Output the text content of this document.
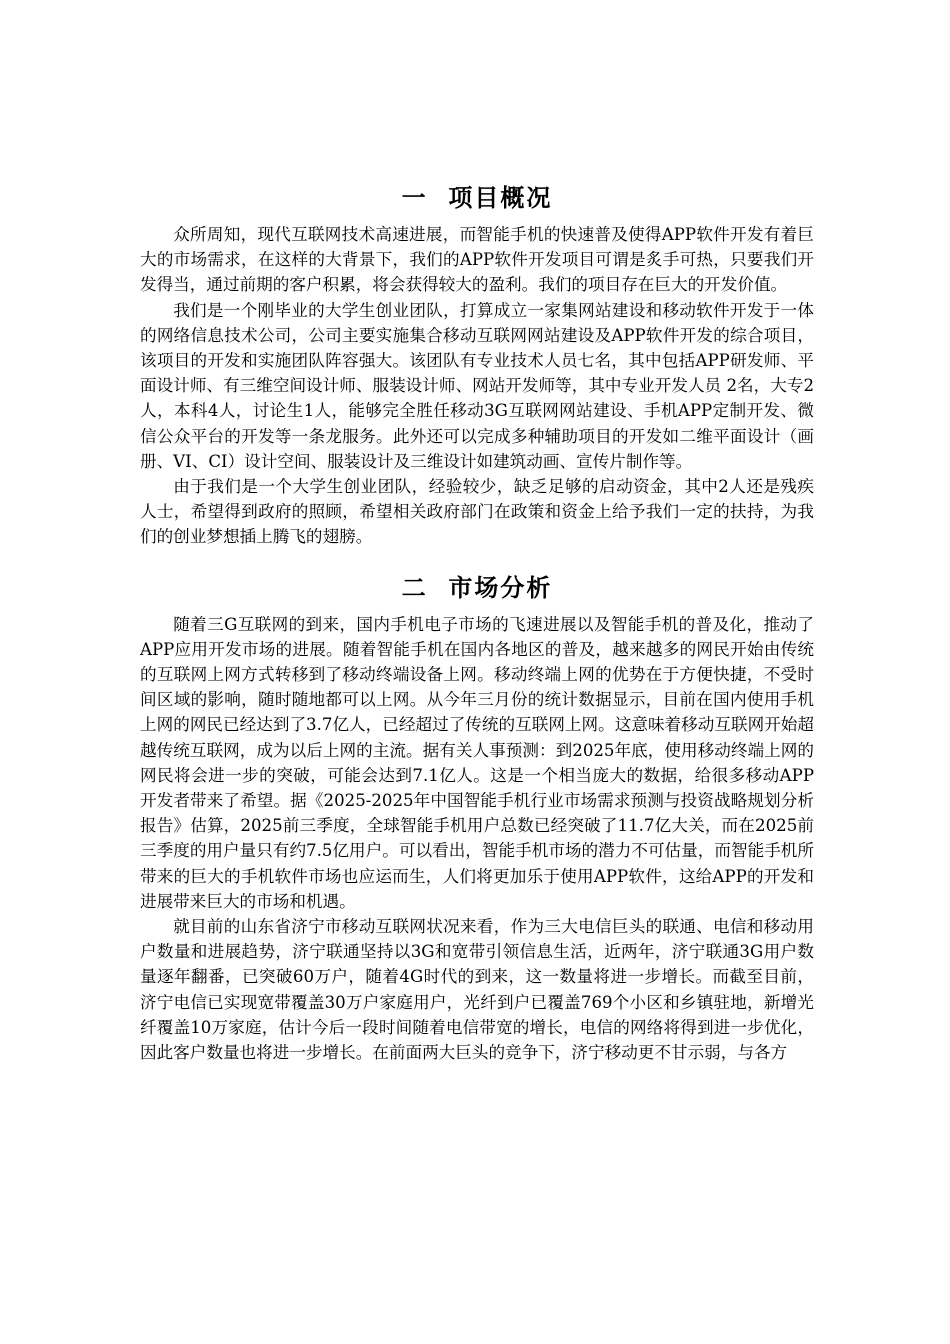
一  项目概况

众所周知，现代互联网技术高速进展，而智能手机的快速普及使得APP软件开发有着巨大的市场需求，在这样的大背景下，我们的APP软件开发项目可谓是炙手可热，只要我们开发得当，通过前期的客户积累，将会获得较大的盈利。我们的项目存在巨大的开发价值。

我们是一个刚毕业的大学生创业团队，打算成立一家集网站建设和移动软件开发于一体的网络信息技术公司，公司主要实施集合移动互联网网站建设及APP软件开发的综合项目，该项目的开发和实施团队阵容强大。该团队有专业技术人员七名，其中包括APP研发师、平面设计师、有三维空间设计师、服装设计师、网站开发师等，其中专业开发人员 2名，大专2人，本科4人，讨论生1人，能够完全胜任移动3G互联网网站建设、手机APP定制开发、微信公众平台的开发等一条龙服务。此外还可以完成多种辅助项目的开发如二维平面设计（画册、VI、CI）设计空间、服装设计及三维设计如建筑动画、宣传片制作等。

由于我们是一个大学生创业团队，经验较少，缺乏足够的启动资金，其中2人还是残疾人士，希望得到政府的照顾，希望相关政府部门在政策和资金上给予我们一定的扶持，为我们的创业梦想插上腾飞的翅膀。

二  市场分析

随着三G互联网的到来，国内手机电子市场的飞速进展以及智能手机的普及化，推动了APP应用开发市场的进展。随着智能手机在国内各地区的普及，越来越多的网民开始由传统的互联网上网方式转移到了移动终端设备上网。移动终端上网的优势在于方便快捷，不受时间区域的影响，随时随地都可以上网。从今年三月份的统计数据显示，目前在国内使用手机上网的网民已经达到了3.7亿人，已经超过了传统的互联网上网。这意味着移动互联网开始超越传统互联网，成为以后上网的主流。据有关人事预测：到2025年底，使用移动终端上网的网民将会进一步的突破，可能会达到7.1亿人。这是一个相当庞大的数据，给很多移动APP开发者带来了希望。据《2025-2025年中国智能手机行业市场需求预测与投资战略规划分析报告》估算，2025前三季度，全球智能手机用户总数已经突破了11.7亿大关，而在2025前三季度的用户量只有约7.5亿用户。可以看出，智能手机市场的潜力不可估量，而智能手机所带来的巨大的手机软件市场也应运而生，人们将更加乐于使用APP软件，这给APP的开发和进展带来巨大的市场和机遇。

就目前的山东省济宁市移动互联网状况来看，作为三大电信巨头的联通、电信和移动用户数量和进展趋势，济宁联通坚持以3G和宽带引领信息生活，近两年，济宁联通3G用户数量逐年翻番，已突破60万户，随着4G时代的到来，这一数量将进一步增长。而截至目前，济宁电信已实现宽带覆盖30万户家庭用户，光纤到户已覆盖769个小区和乡镇驻地，新增光纤覆盖10万家庭，估计今后一段时间随着电信带宽的增长，电信的网络将得到进一步优化，因此客户数量也将进一步增长。在前面两大巨头的竞争下，济宁移动更不甘示弱，与各方
